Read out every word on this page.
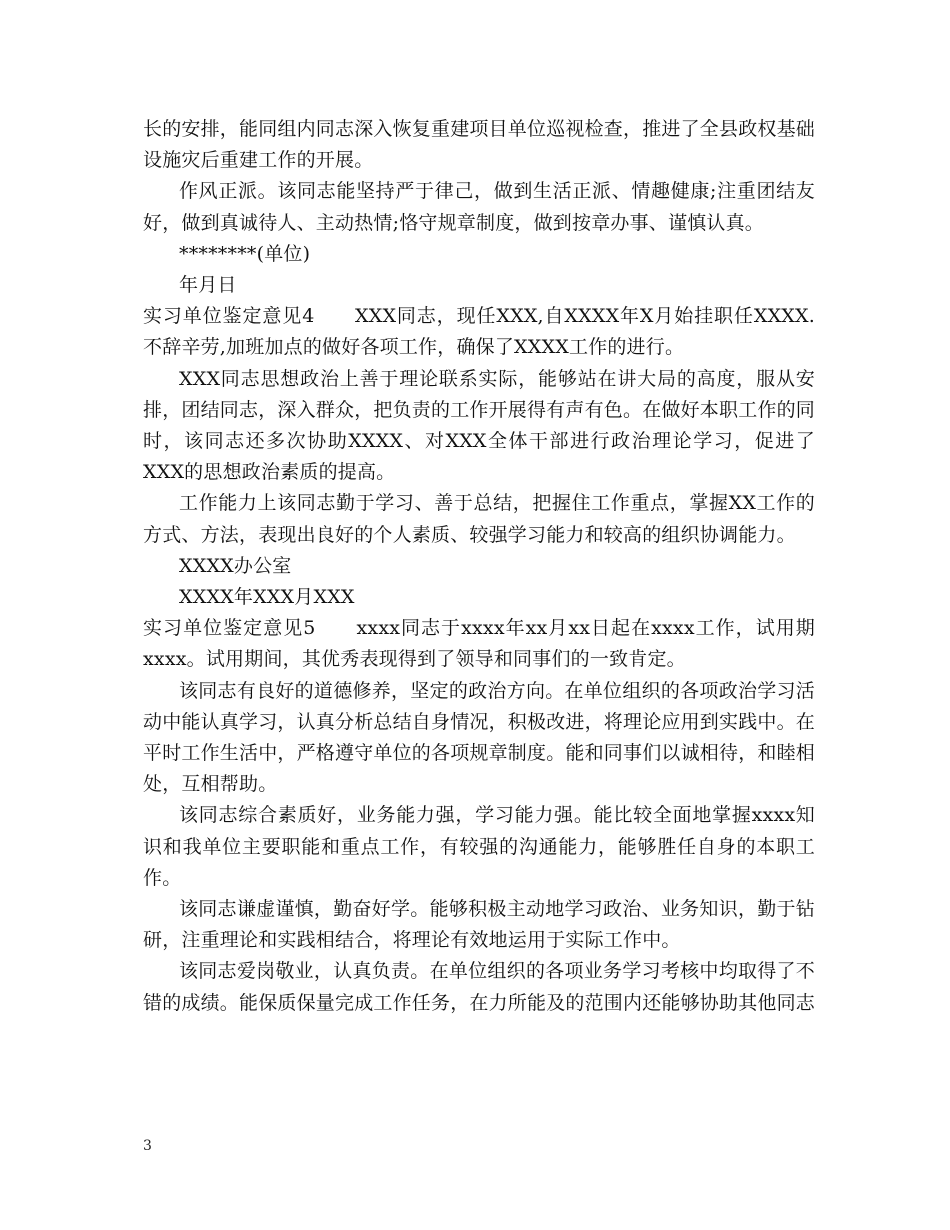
长的安排，能同组内同志深入恢复重建项目单位巡视检查，推进了全县政权基础设施灾后重建工作的开展。

作风正派。该同志能坚持严于律己，做到生活正派、情趣健康;注重团结友好，做到真诚待人、主动热情;恪守规章制度，做到按章办事、谨慎认真。

********(单位)

年月日

实习单位鉴定意见4　　XXX同志，现任XXX,自XXXX年X月始挂职任XXXX.不辞辛劳,加班加点的做好各项工作，确保了XXXX工作的进行。

XXX同志思想政治上善于理论联系实际，能够站在讲大局的高度，服从安排，团结同志，深入群众，把负责的工作开展得有声有色。在做好本职工作的同时，该同志还多次协助XXXX、对XXX全体干部进行政治理论学习，促进了XXX的思想政治素质的提高。

工作能力上该同志勤于学习、善于总结，把握住工作重点，掌握XX工作的方式、方法，表现出良好的个人素质、较强学习能力和较高的组织协调能力。

XXXX办公室

XXXX年XXX月XXX

实习单位鉴定意见5　　xxxx同志于xxxx年xx月xx日起在xxxx工作，试用期xxxx。试用期间，其优秀表现得到了领导和同事们的一致肯定。

该同志有良好的道德修养，坚定的政治方向。在单位组织的各项政治学习活动中能认真学习，认真分析总结自身情况，积极改进，将理论应用到实践中。在平时工作生活中，严格遵守单位的各项规章制度。能和同事们以诚相待，和睦相处，互相帮助。

该同志综合素质好，业务能力强，学习能力强。能比较全面地掌握xxxx知识和我单位主要职能和重点工作，有较强的沟通能力，能够胜任自身的本职工作。

该同志谦虚谨慎，勤奋好学。能够积极主动地学习政治、业务知识，勤于钻研，注重理论和实践相结合，将理论有效地运用于实际工作中。

该同志爱岗敬业，认真负责。在单位组织的各项业务学习考核中均取得了不错的成绩。能保质保量完成工作任务，在力所能及的范围内还能够协助其他同志

3
